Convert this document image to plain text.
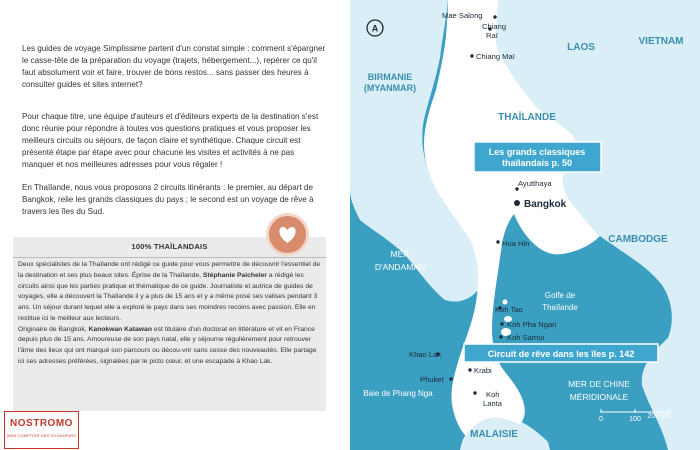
Les guides de voyage Simplissime partent d'un constat simple : comment s'épargner le casse-tête de la préparation du voyage (trajets, hébergement...), repérer ce qu'il faut absolument voir et faire, trouver de bons restos... sans passer des heures à consulter guides et sites internet?

Pour chaque titre, une équipe d'auteurs et d'éditeurs experts de la destination s'est donc réunie pour répondre à toutes vos questions pratiques et vous proposer les meilleurs circuits ou séjours, de façon claire et synthétique. Chaque circuit est présenté étape par étape avec pour chacune les visites et activités à ne pas manquer et nos meilleures adresses pour vous régaler !

En Thaïlande, nous vous proposons 2 circuits itinérants : le premier, au départ de Bangkok, relie les grands classiques du pays ; le second est un voyage de rêve à travers les îles du Sud.

100% THAÏLANDAIS

Deux spécialistes de la Thaïlande ont rédigé ce guide pour vous permettre de découvrir l'essentiel de la destination et ses plus beaux sites. Éprise de la Thaïlande, Stéphanie Paicheler a rédigé les circuits ainsi que les parties pratique et thématique de ce guide. Journaliste et autrice de guides de voyages, elle a découvert la Thaïlande il y a plus de 15 ans et y a même posé ses valises pendant 3 ans. Un séjour durant lequel elle a exploré le pays dans ses moindres recoins avec passion. Elle en restitue ici le meilleur aux lecteurs.
Originaire de Bangkok, Kanokwan Katawan est titulaire d'un doctorat en littérature et vit en France depuis plus de 15 ans. Amoureuse de son pays natal, elle y séjourne régulièrement pour retrouver l'âme des lieux qui ont marqué son parcours ou décou-vrir sans cesse des nouveautés. Elle partage ici ses adresses préférées, signalées par le picto cœur, et une escapade à Khao Lak.

NOSTROMO
WEB COMPTOIR DES VOYAGEURS
A
LAOS
VIETNAM
BIRMANIE
(MYANMAR)
THAÏLANDE
CAMBODGE
MALAISIE
MER
D'ANDAMAN
Golfe de
Thaïlande
MER DE CHINE
MÉRIDIONALE
Baie de Phang Nga
Mae Salong
Chiang
Raï
Chiang Maï
Ayutthaya
Hua Hin
Koh Tao
Koh Pha Ngan
Koh Samui
Khao Lak
Krabi
Phuket
Koh
Lanta
Bangkok
Les grands classiques
thaïlandais p. 50
Circuit de rêve dans les îles p. 142
0	100 200 km
